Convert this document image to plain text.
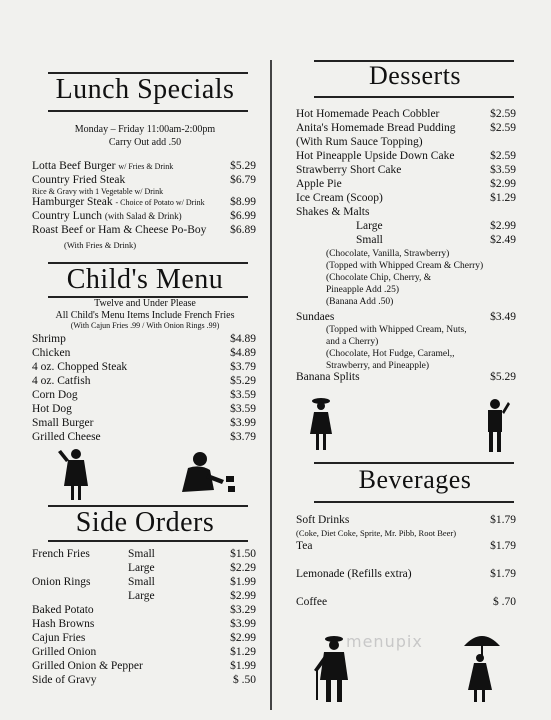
Lunch Specials
Monday – Friday 11:00am-2:00pm
Carry Out add .50
Lotta Beef Burger w/ Fries & Drink	$5.29
Country Fried Steak	$6.79
Rice & Gravy with 1 Vegetable w/ Drink
Hamburger Steak - Choice of Potato w/ Drink	$8.99
Country Lunch (with Salad & Drink)	$6.99
Roast Beef or Ham & Cheese Po-Boy	$6.89
(With Fries & Drink)
Child's Menu
Twelve and Under Please
All Child's Menu Items Include French Fries
(With Cajun Fries .99 / With Onion Rings .99)
Shrimp	$4.89
Chicken	$4.89
4 oz. Chopped Steak	$3.79
4 oz. Catfish	$5.29
Corn Dog	$3.59
Hot Dog	$3.59
Small Burger	$3.99
Grilled Cheese	$3.79
Side Orders
French Fries	Small	$1.50
Large	$2.29
Onion Rings	Small	$1.99
Large	$2.99
Baked Potato	$3.29
Hash Browns	$3.99
Cajun Fries	$2.99
Grilled Onion	$1.29
Grilled Onion & Pepper	$1.99
Side of Gravy	$ .50
Desserts
Hot Homemade Peach Cobbler	$2.59
Anita's Homemade Bread Pudding	$2.59
(With Rum Sauce Topping)
Hot Pineapple Upside Down Cake	$2.59
Strawberry Short Cake	$3.59
Apple Pie	$2.99
Ice Cream (Scoop)	$1.29
Shakes & Malts
Large	$2.99
Small	$2.49
(Chocolate, Vanilla, Strawberry)
(Topped with Whipped Cream & Cherry)
(Chocolate Chip, Cherry, &
Pineapple Add .25)
(Banana Add .50)
Sundaes	$3.49
(Topped with Whipped Cream, Nuts,
and a Cherry)
(Chocolate, Hot Fudge, Caramel,,
Strawberry, and Pineapple)
Banana Splits	$5.29
Beverages
Soft Drinks	$1.79
(Coke, Diet Coke, Sprite, Mr. Pibb, Root Beer)
Tea	$1.79
Lemonade (Refills extra)	$1.79
Coffee	$ .70
menupix
